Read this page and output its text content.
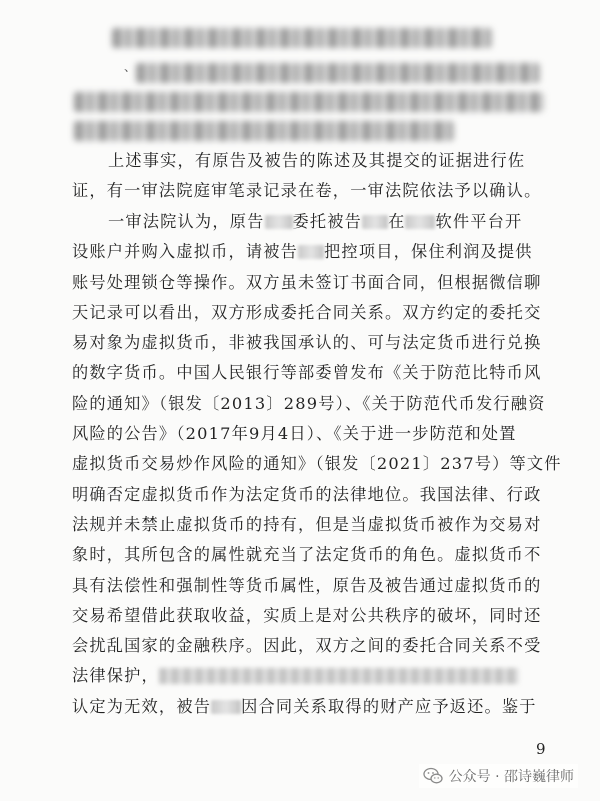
、
上述事实，有原告及被告的陈述及其提交的证据进行佐
证，有一审法院庭审笔录记录在卷，一审法院依法予以确认。
一审法院认为，原告 委托被告 在 软件平台开
设账户并购入虚拟币，请被告 把控项目，保住利润及提供
账号处理锁仓等操作。双方虽未签订书面合同，但根据微信聊
天记录可以看出，双方形成委托合同关系。双方约定的委托交
易对象为虚拟货币，非被我国承认的、可与法定货币进行兑换
的数字货币。中国人民银行等部委曾发布《关于防范比特币风
险的通知》（银发〔2013〕289号）、《关于防范代币发行融资
风险的公告》（2017年9月4日）、《关于进一步防范和处置
虚拟货币交易炒作风险的通知》（银发〔2021〕237号）等文件
明确否定虚拟货币作为法定货币的法律地位。我国法律、行政
法规并未禁止虚拟货币的持有，但是当虚拟货币被作为交易对
象时，其所包含的属性就充当了法定货币的角色。虚拟货币不
具有法偿性和强制性等货币属性，原告及被告通过虚拟货币的
交易希望借此获取收益，实质上是对公共秩序的破坏，同时还
会扰乱国家的金融秩序。因此，双方之间的委托合同关系不受
法律保护，
认定为无效，被告 因合同关系取得的财产应予返还。鉴于
9
公众号 · 邵诗巍律师
